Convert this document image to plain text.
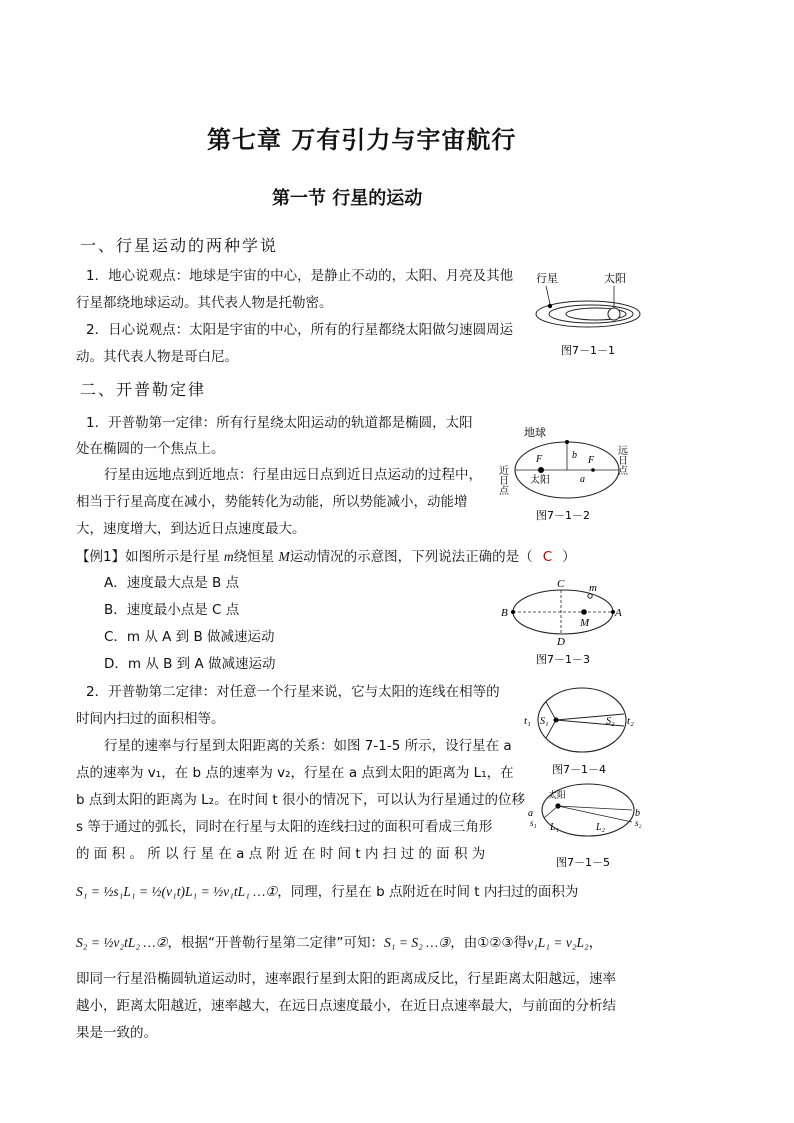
第七章 万有引力与宇宙航行
第一节 行星的运动
一、行星运动的两种学说
1．地心说观点：地球是宇宙的中心，是静止不动的，太阳、月亮及其他
行星都绕地球运动。其代表人物是托勒密。
2．日心说观点：太阳是宇宙的中心，所有的行星都绕太阳做匀速圆周运
动。其代表人物是哥白尼。
二、开普勒定律
1．开普勒第一定律：所有行星绕太阳运动的轨道都是椭圆，太阳
处在椭圆的一个焦点上。
行星由远地点到近地点：行星由远日点到近日点运动的过程中，
相当于行星高度在减小，势能转化为动能，所以势能减小，动能增
大，速度增大，到达近日点速度最大。
【例1】如图所示是行星 m绕恒星 M运动情况的示意图，下列说法正确的是（ C ）
A．速度最大点是 B 点
B．速度最小点是 C 点
C．m 从 A 到 B 做减速运动
D．m 从 B 到 A 做减速运动
2．开普勒第二定律：对任意一个行星来说，它与太阳的连线在相等的
时间内扫过的面积相等。
行星的速率与行星到太阳距离的关系：如图 7-1-5 所示，设行星在 a
点的速率为 v₁，在 b 点的速率为 v₂，行星在 a 点到太阳的距离为 L₁，在
b 点到太阳的距离为 L₂。在时间 t 很小的情况下，可以认为行星通过的位移
s 等于通过的弧长，同时在行星与太阳的连线扫过的面积可看成三角形
的 面 积 。 所 以 行 星 在 a 点 附 近 在 时 间 t 内 扫 过 的 面 积 为
S₁ = ½s₁L₁ = ½(v₁t)L₁ = ½v₁tL₁ …①，同理，行星在 b 点附近在时间 t 内扫过的面积为
S₂ = ½v₂tL₂ …②，根据“开普勒行星第二定律”可知：S₁ = S₂ …③，由①②③得v₁L₁ = v₂L₂，
即同一行星沿椭圆轨道运动时，速率跟行星到太阳的距离成反比，行星距离太阳越远，速率
越小，距离太阳越近，速率越大，在远日点速度最小，在近日点速率最大，与前面的分析结
果是一致的。
行星	太阳
图7－1－1
地球
b
F	F
a
太阳
近日点
远日点
图7－1－2
C m
B	A
M
D
图7－1－3
t₁ S₁	S₂ t₂
图7－1－4
太阳
a
s₁ L₁	L₂
b
s₂
图7－1－5
